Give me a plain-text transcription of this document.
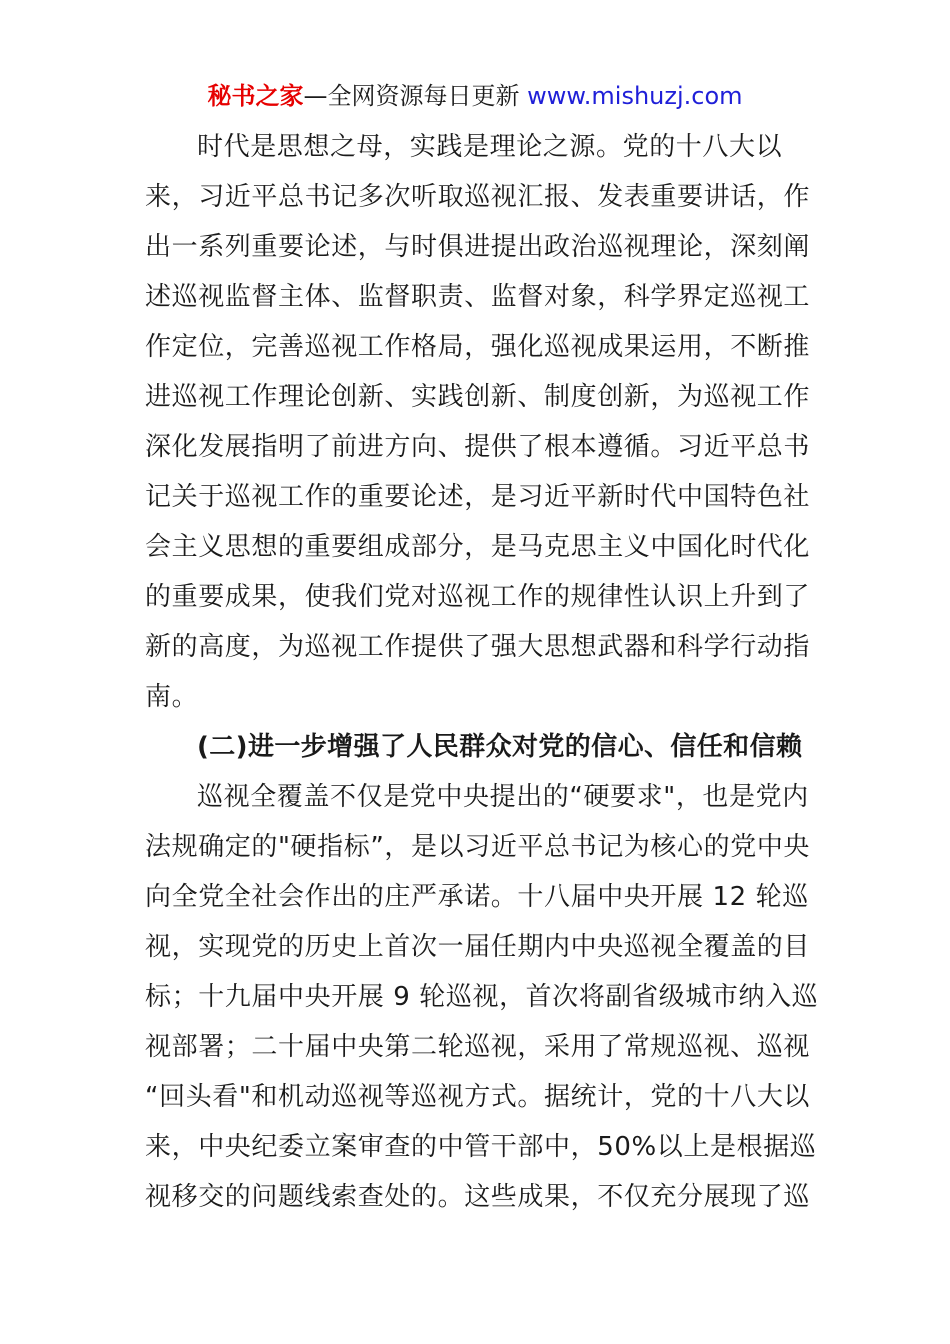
秘书之家—全网资源每日更新 www.mishuzj.com
时代是思想之母，实践是理论之源。党的十八大以
来，习近平总书记多次听取巡视汇报、发表重要讲话，作
出一系列重要论述，与时俱进提出政治巡视理论，深刻阐
述巡视监督主体、监督职责、监督对象，科学界定巡视工
作定位，完善巡视工作格局，强化巡视成果运用，不断推
进巡视工作理论创新、实践创新、制度创新，为巡视工作
深化发展指明了前进方向、提供了根本遵循。习近平总书
记关于巡视工作的重要论述，是习近平新时代中国特色社
会主义思想的重要组成部分，是马克思主义中国化时代化
的重要成果，使我们党对巡视工作的规律性认识上升到了
新的高度，为巡视工作提供了强大思想武器和科学行动指
南。
(二)进一步增强了人民群众对党的信心、信任和信赖
巡视全覆盖不仅是党中央提出的“硬要求"，也是党内
法规确定的"硬指标”，是以习近平总书记为核心的党中央
向全党全社会作出的庄严承诺。十八届中央开展 12 轮巡
视，实现党的历史上首次一届任期内中央巡视全覆盖的目
标；十九届中央开展 9 轮巡视，首次将副省级城市纳入巡
视部署；二十届中央第二轮巡视，采用了常规巡视、巡视
“回头看"和机动巡视等巡视方式。据统计，党的十八大以
来，中央纪委立案审查的中管干部中，50%以上是根据巡
视移交的问题线索查处的。这些成果，不仅充分展现了巡
